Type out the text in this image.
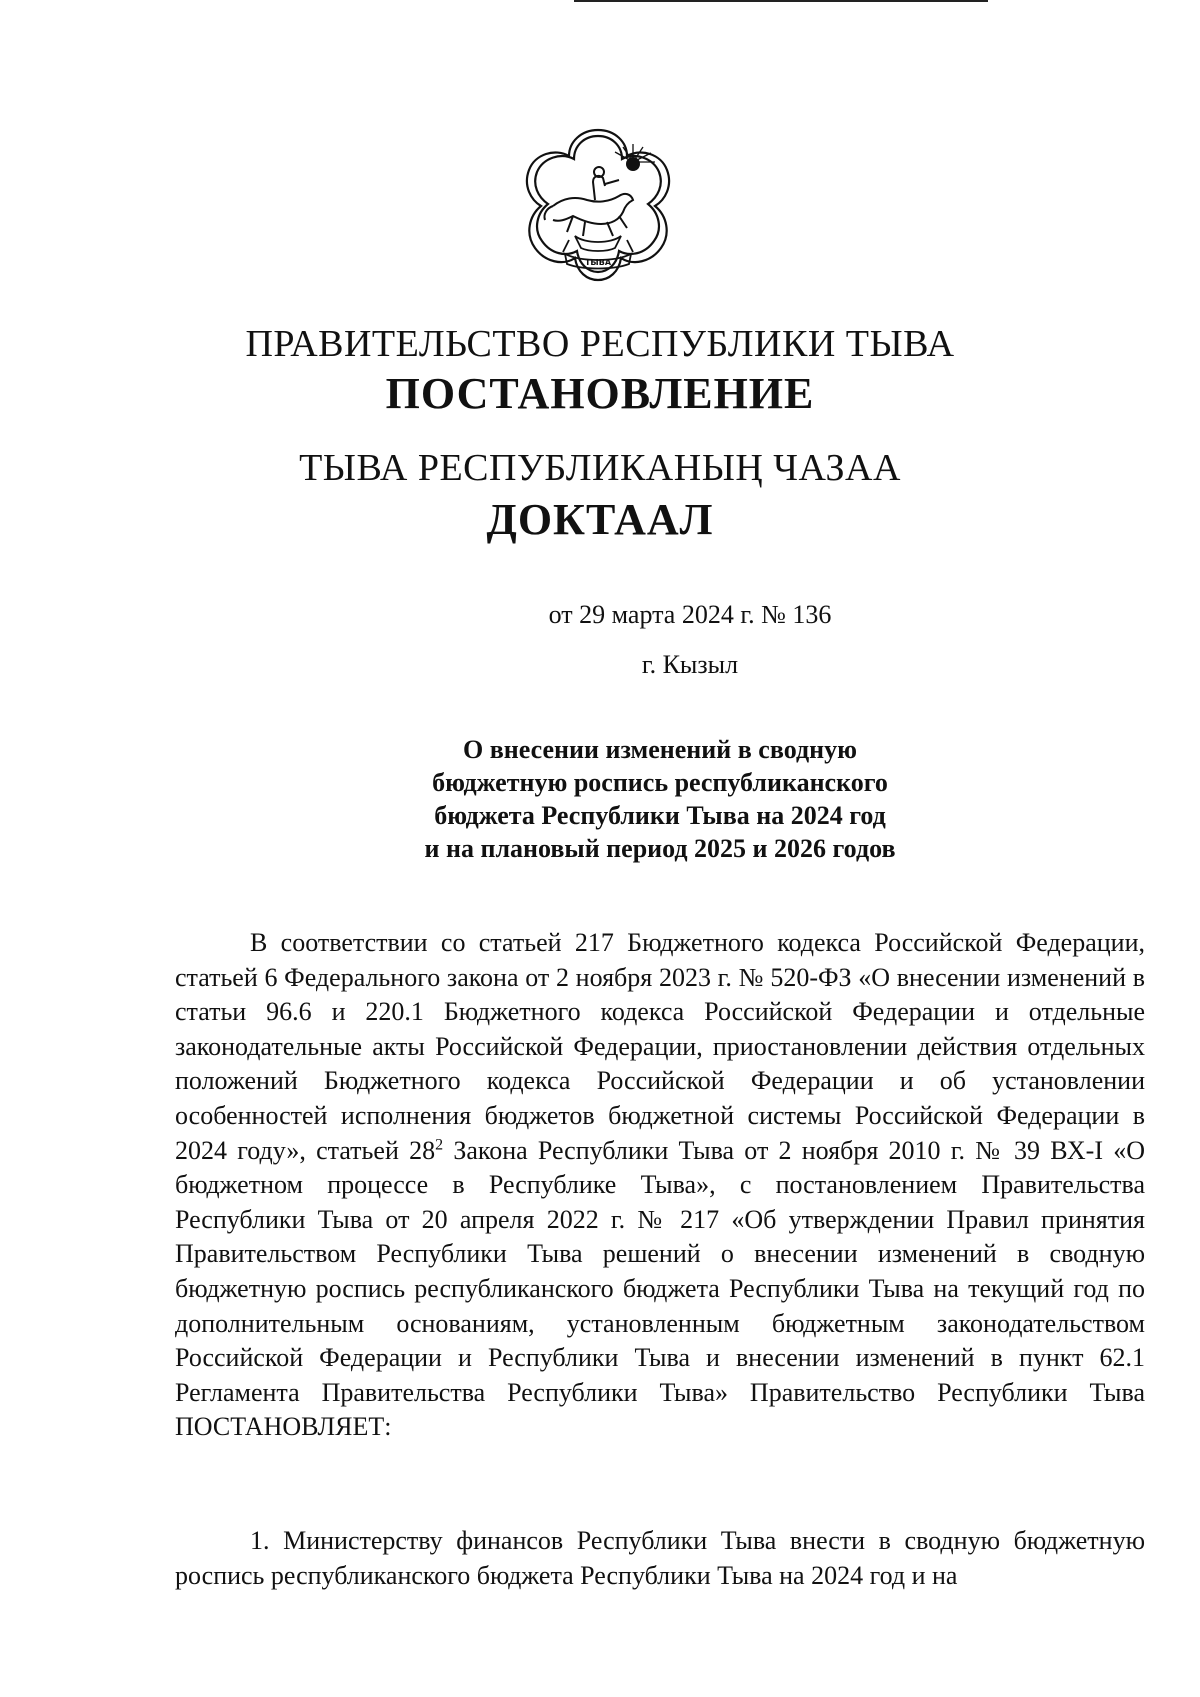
ТЫВА
ПРАВИТЕЛЬСТВО РЕСПУБЛИКИ ТЫВА
ПОСТАНОВЛЕНИЕ
ТЫВА РЕСПУБЛИКАНЫҢ ЧАЗАА
ДОКТААЛ
от 29 марта 2024 г. № 136
г. Кызыл
О внесении изменений в сводную
бюджетную роспись республиканского
бюджета Республики Тыва на 2024 год
и на плановый период 2025 и 2026 годов

В соответствии со статьей 217 Бюджетного кодекса Российской Федерации, статьей 6 Федерального закона от 2 ноября 2023 г. № 520-ФЗ «О внесении изменений в статьи 96.6 и 220.1 Бюджетного кодекса Российской Федерации и отдельные законодательные акты Российской Федерации, приостановлении действия отдельных положений Бюджетного кодекса Российской Федерации и об установлении особенностей исполнения бюджетов бюджетной системы Российской Федерации в 2024 году», статьей $28^2$ Закона Республики Тыва от 2 ноября 2010 г. № 39 ВХ-I «О бюджетном процессе в Республике Тыва», с постановлением Правительства Республики Тыва от 20 апреля 2022 г. № 217 «Об утверждении Правил принятия Правительством Республики Тыва решений о внесении изменений в сводную бюджетную роспись республиканского бюджета Республики Тыва на текущий год по дополнительным основаниям, установленным бюджетным законодательством Российской Федерации и Республики Тыва и внесении изменений в пункт 62.1 Регламента Правительства Республики Тыва» Правительство Республики Тыва ПОСТАНОВЛЯЕТ:

1. Министерству финансов Республики Тыва внести в сводную бюджетную роспись республиканского бюджета Республики Тыва на 2024 год и на
